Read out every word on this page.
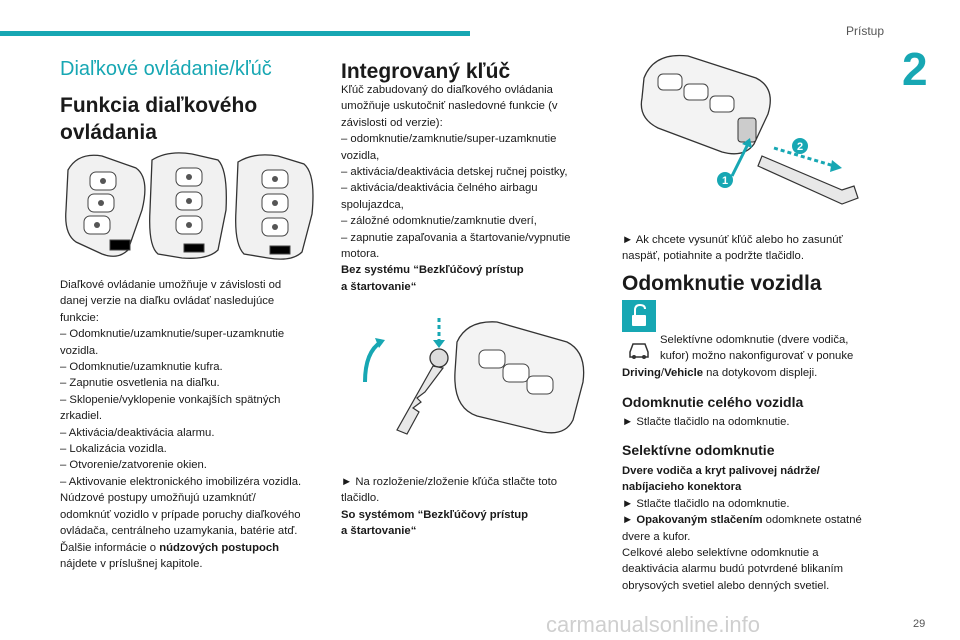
Prístup
2
Diaľkové ovládanie/kľúč
Funkcia diaľkového
ovládania

Diaľkové ovládanie umožňuje v závislosti od

danej verzie na diaľku ovládať nasledujúce

funkcie:

– Odomknutie/uzamknutie/super-uzamknutie

vozidla.

– Odomknutie/uzamknutie kufra.

– Zapnutie osvetlenia na diaľku.

– Sklopenie/vyklopenie vonkajších spätných

zrkadiel.

– Aktivácia/deaktivácia alarmu.

– Lokalizácia vozidla.

– Otvorenie/zatvorenie okien.

– Aktivovanie elektronického imobilizéra vozidla.

Núdzové postupy umožňujú uzamknúť/

odomknúť vozidlo v prípade poruchy diaľkového

ovládača, centrálneho uzamykania, batérie atď.

Ďalšie informácie o núdzových postupoch

nájdete v príslušnej kapitole.

Integrovaný kľúč

Kľúč zabudovaný do diaľkového ovládania

umožňuje uskutočniť nasledovné funkcie (v

závislosti od verzie):

– odomknutie/zamknutie/super-uzamknutie

vozidla,

– aktivácia/deaktivácia detskej ručnej poistky,

– aktivácia/deaktivácia čelného airbagu

spolujazdca,

– záložné odomknutie/zamknutie dverí,

– zapnutie zapaľovania a štartovanie/vypnutie

motora.

Bez systému “Bezkľúčový prístup

a štartovanie“

► Na rozloženie/zloženie kľúča stlačte toto

tlačidlo.

So systémom “Bezkľúčový prístup

a štartovanie“

1
2

► Ak chcete vysunúť kľúč alebo ho zasunúť

naspäť, potiahnite a podržte tlačidlo.

Odomknutie vozidla

Selektívne odomknutie (dvere vodiča,

kufor) možno nakonfigurovať v ponuke

Driving/Vehicle na dotykovom displeji.

Odomknutie celého vozidla
► Stlačte tlačidlo na odomknutie.
Selektívne odomknutie

Dvere vodiča a kryt palivovej nádrže/

nabíjacieho konektora

► Stlačte tlačidlo na odomknutie.

► Opakovaným stlačením odomknete ostatné

dvere a kufor.

Celkové alebo selektívne odomknutie a

deaktivácia alarmu budú potvrdené blikaním

obrysových svetiel alebo denných svetiel.

carmanualsonline.info	29
